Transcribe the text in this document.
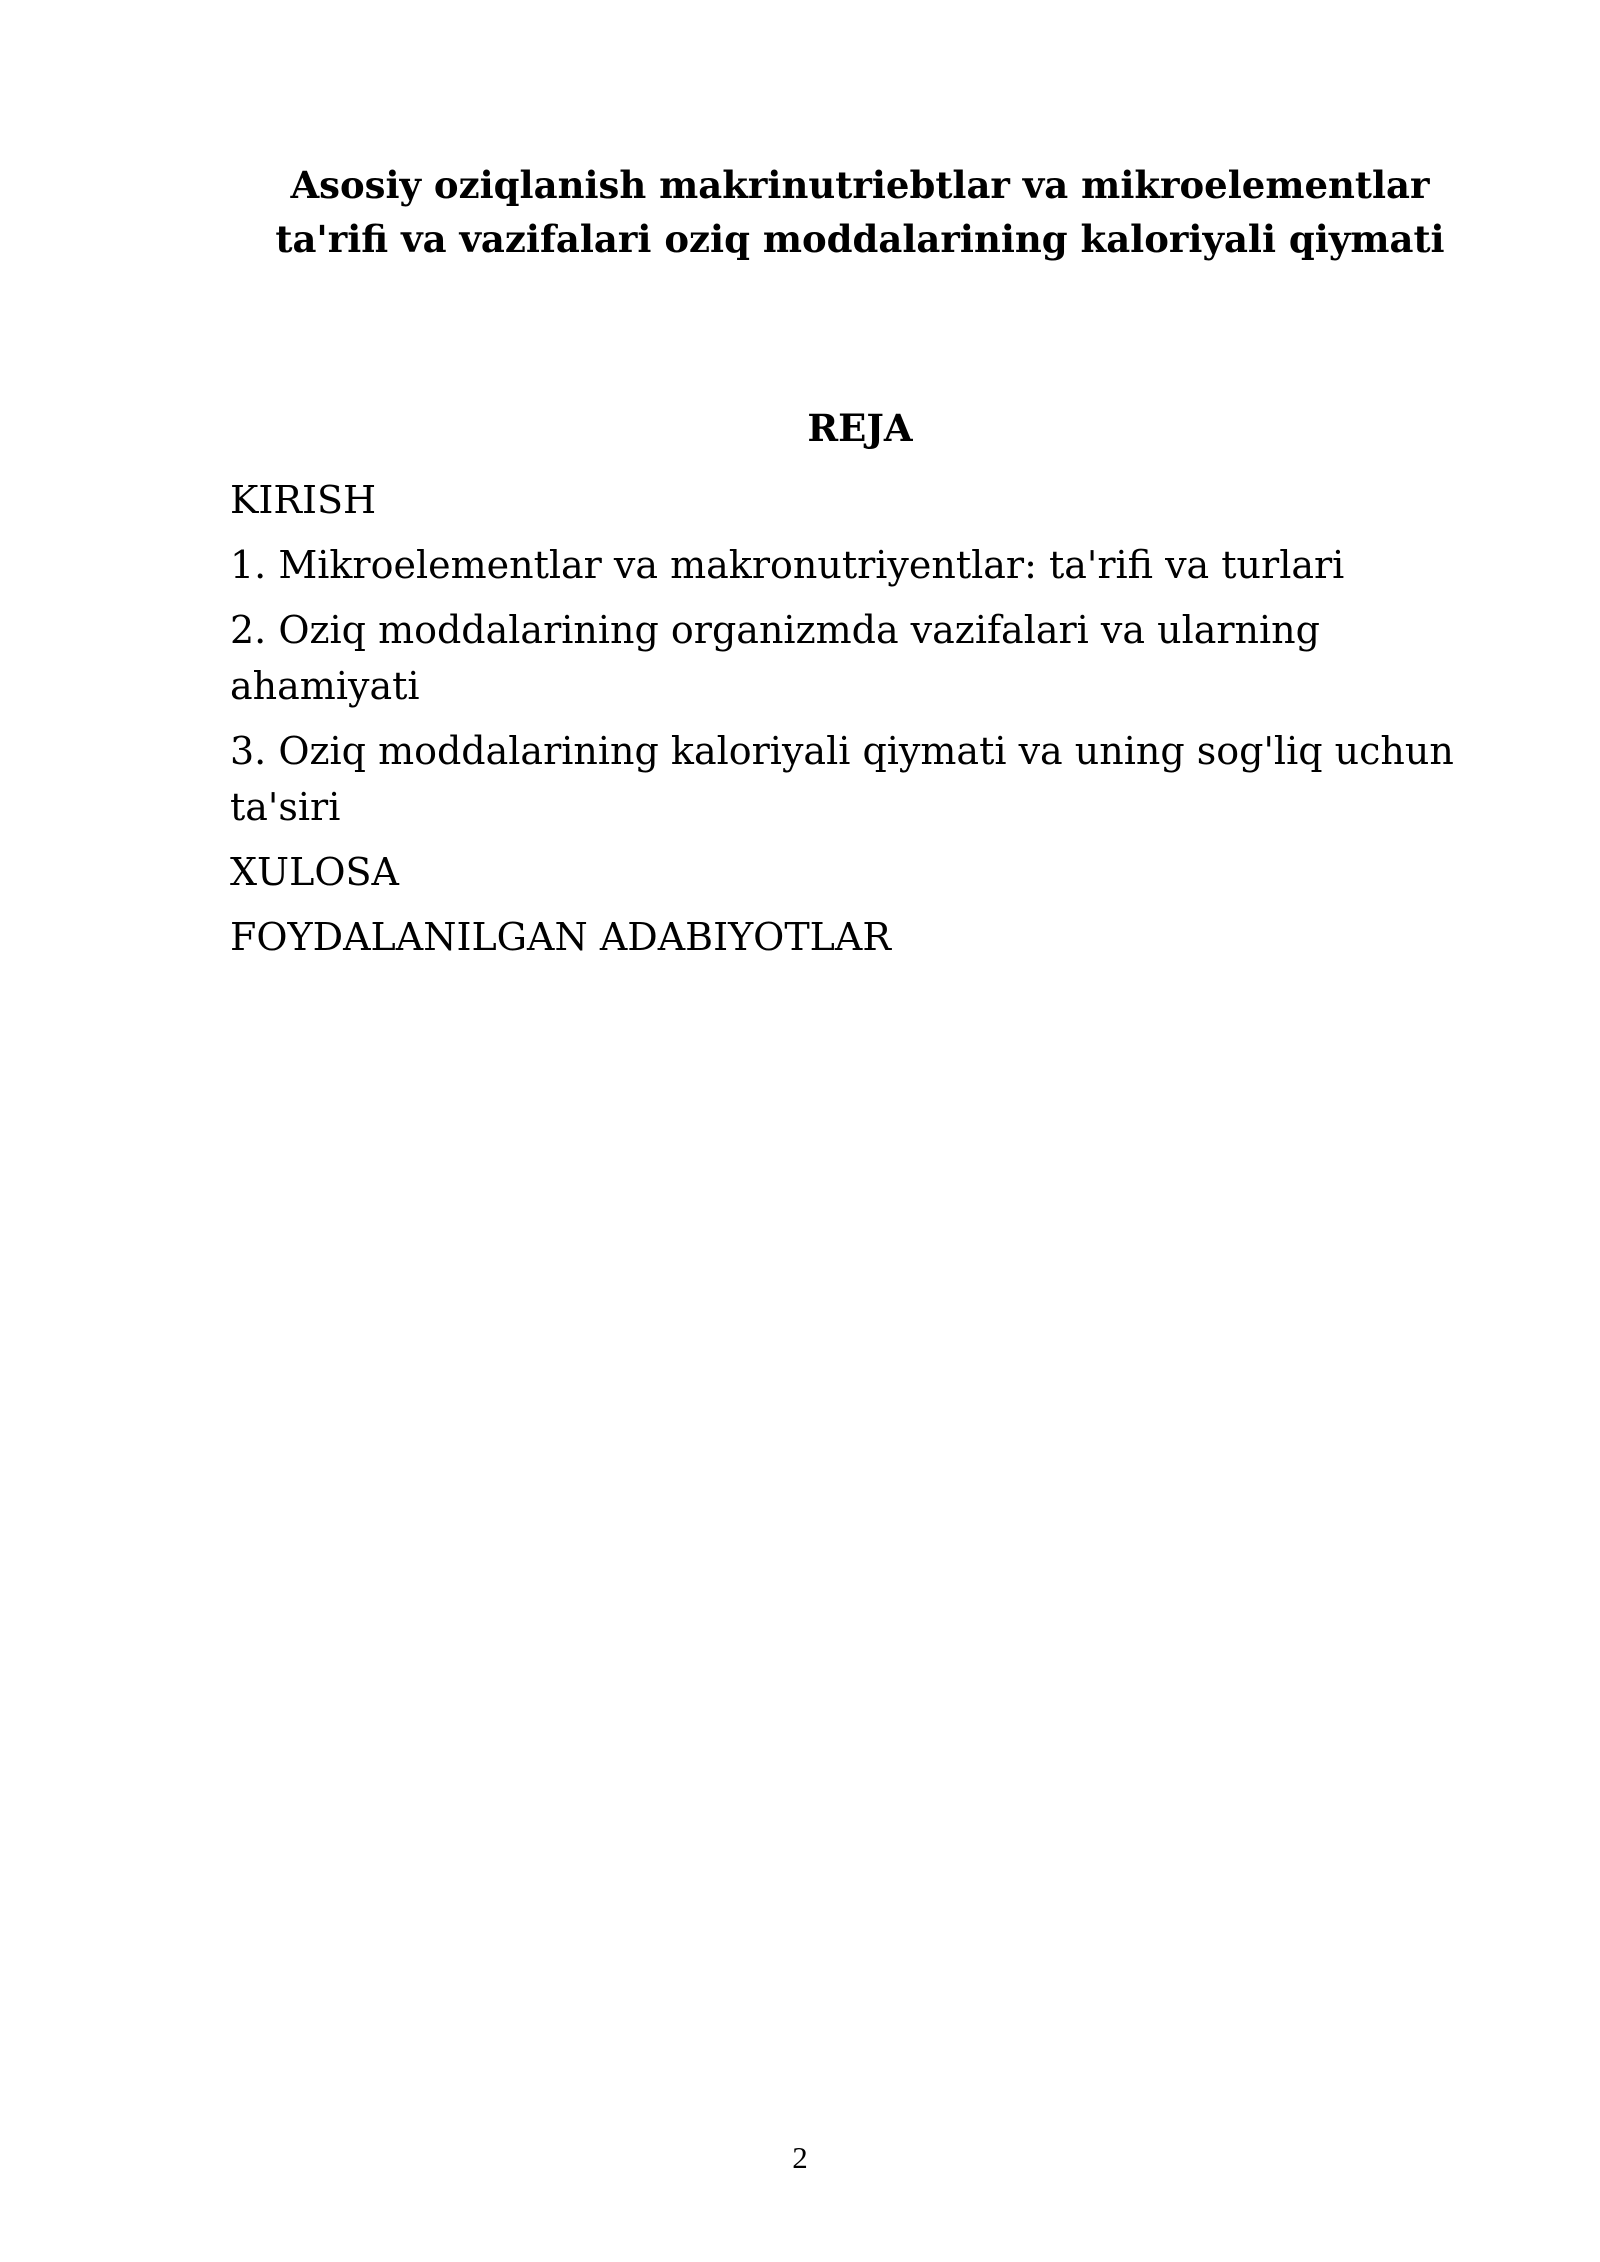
Asosiy oziqlanish makrinutriebtlar va mikroelementlar
ta'rifi va vazifalari oziq moddalarining kaloriyali qiymati
REJA
KIRISH
1. Mikroelementlar va makronutriyentlar: ta'rifi va turlari
2. Oziq moddalarining organizmda vazifalari va ularning ahamiyati
3. Oziq moddalarining kaloriyali qiymati va uning sog'liq uchun ta'siri
XULOSA
FOYDALANILGAN ADABIYOTLAR
2
